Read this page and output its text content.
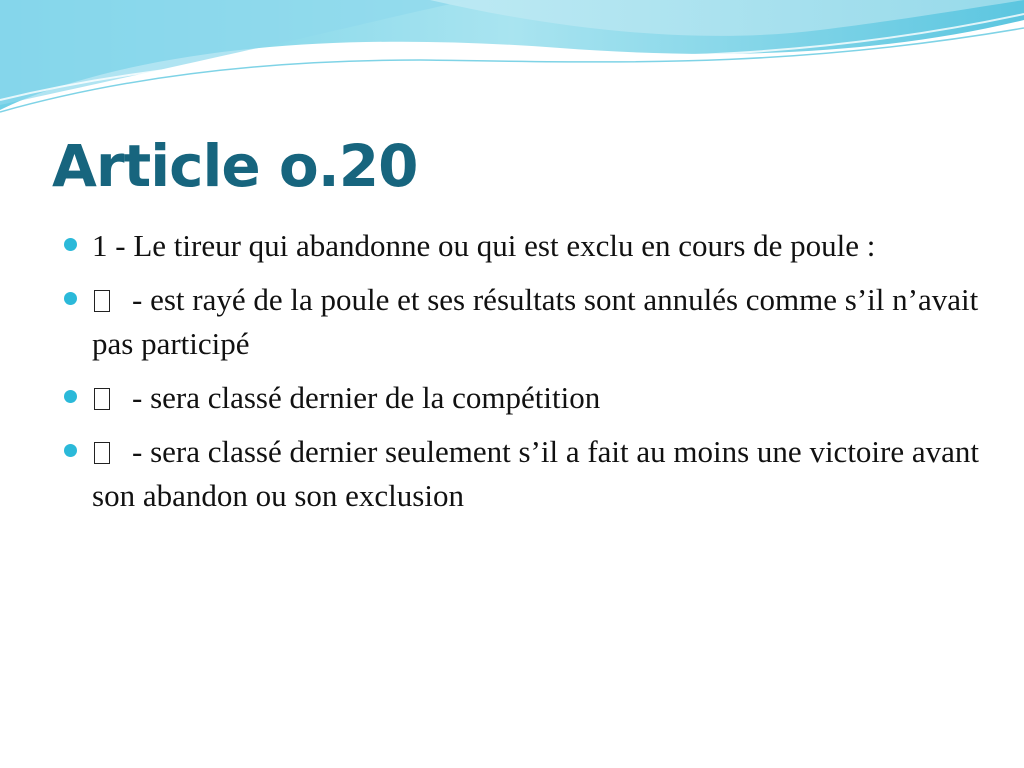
Article o.20
1 - Le tireur qui abandonne ou qui est exclu en cours de poule :
- est rayé de la poule et ses résultats sont annulés comme s’il n’avait pas participé
- sera classé dernier de la compétition
- sera classé dernier seulement s’il a fait au moins une victoire avant son abandon ou son exclusion
